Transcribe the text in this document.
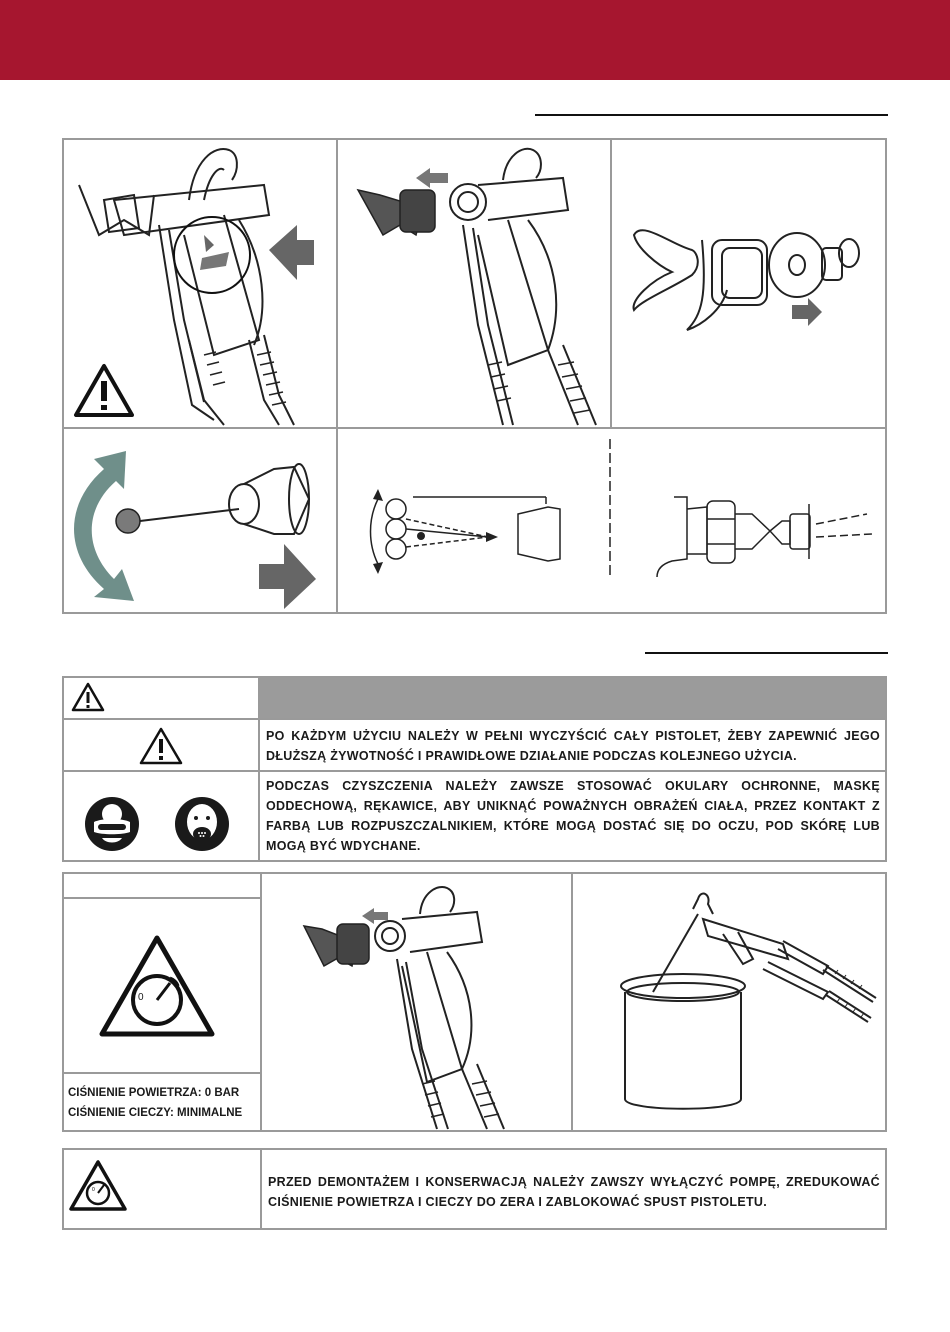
PO KAŻDYM UŻYCIU NALEŻY W PEŁNI WYCZYŚCIĆ CAŁY PISTOLET, ŻEBY ZAPEWNIĆ JEGO DŁUŻSZĄ ŻYWOTNOŚĆ I PRAWIDŁOWE DZIAŁANIE PODCZAS KOLEJNEGO UŻYCIA.
PODCZAS CZYSZCZENIA NALEŻY ZAWSZE STOSOWAĆ OKULARY OCHRONNE, MASKĘ ODDECHOWĄ, RĘKAWICE, ABY UNIKNĄĆ POWAŻNYCH OBRAŻEŃ CIAŁA, PRZEZ KONTAKT Z FARBĄ LUB ROZPUSZCZALNIKIEM, KTÓRE MOGĄ DOSTAĆ SIĘ DO OCZU, POD SKÓRĘ LUB MOGĄ BYĆ WDYCHANE.
0
CIŚNIENIE POWIETRZA: 0 BAR
CIŚNIENIE CIECZY: MINIMALNE
0
PRZED DEMONTAŻEM I KONSERWACJĄ NALEŻY ZAWSZY WYŁĄCZYĆ POMPĘ, ZREDUKOWAĆ CIŚNIENIE POWIETRZA I CIECZY DO ZERA I ZABLOKOWAĆ SPUST PISTOLETU.
